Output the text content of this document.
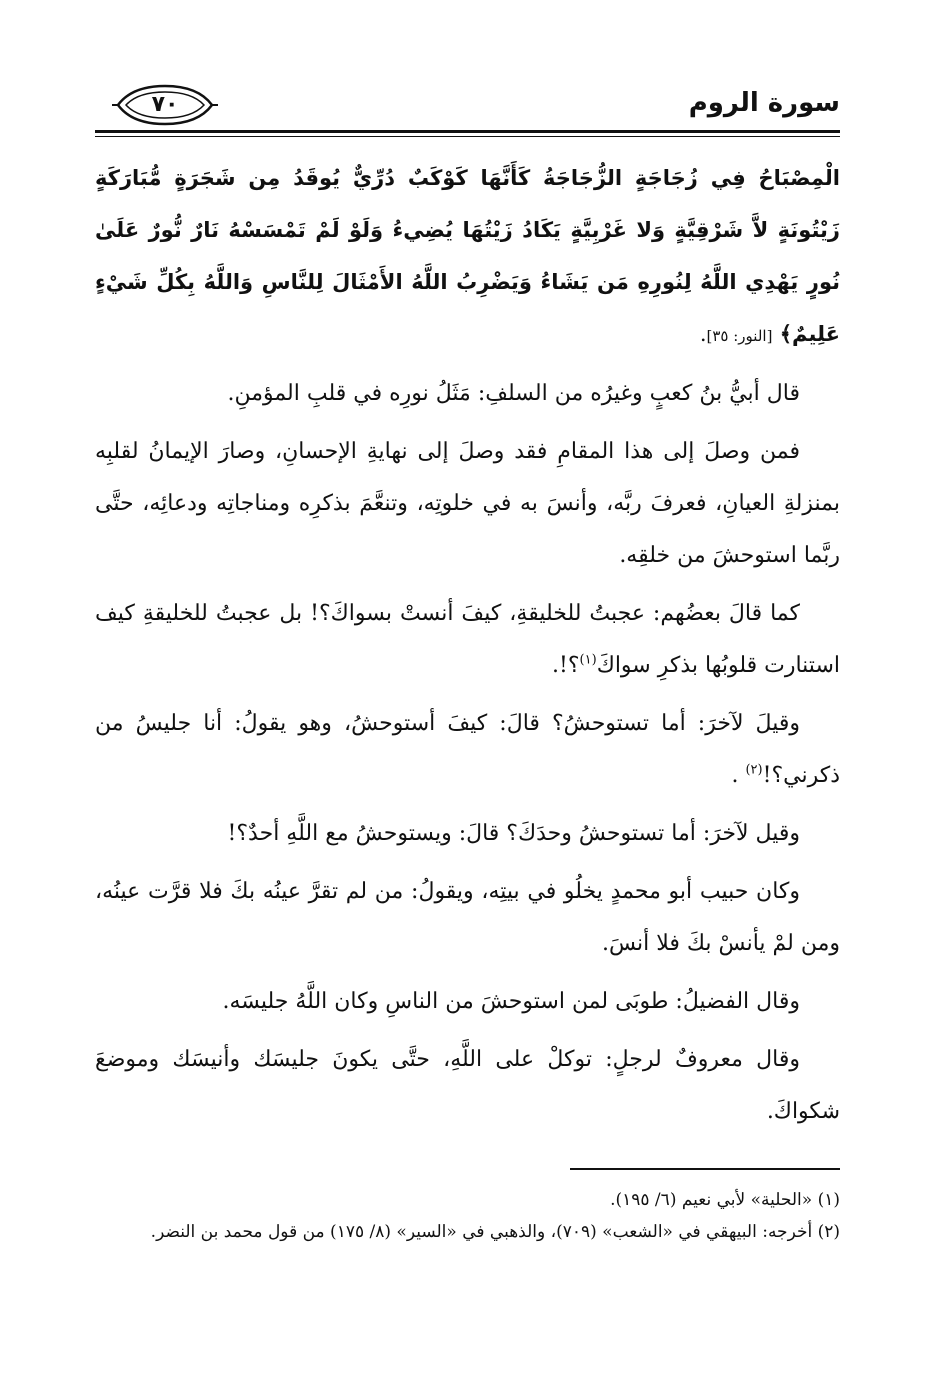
٧٠	سورة الروم

الْمِصْبَاحُ فِي زُجَاجَةٍ الزُّجَاجَةُ كَأَنَّهَا كَوْكَبٌ دُرِّيٌّ يُوقَدُ مِن شَجَرَةٍ مُّبَارَكَةٍ زَيْتُونَةٍ لاَّ شَرْقِيَّةٍ وَلا غَرْبِيَّةٍ يَكَادُ زَيْتُهَا يُضِيءُ وَلَوْ لَمْ تَمْسَسْهُ نَارٌ نُّورٌ عَلَىٰ نُورٍ يَهْدِي اللَّهُ لِنُورِهِ مَن يَشَاءُ وَيَضْرِبُ اللَّهُ الأَمْثَالَ لِلنَّاسِ وَاللَّهُ بِكُلِّ شَيْءٍ عَلِيمٌ﴾ [النور: ٣٥].

قال أبيُّ بنُ كعبٍ وغيرُه من السلفِ: مَثَلُ نورِه في قلبِ المؤمنِ.

فمن وصلَ إلى هذا المقامِ فقد وصلَ إلى نهايةِ الإحسانِ، وصارَ الإيمانُ لقلبِه بمنزلةِ العيانِ، فعرفَ ربَّه، وأنسَ به في خلوتِه، وتنعَّمَ بذكرِه ومناجاتِه ودعائِه، حتَّى ربَّما استوحشَ من خلقِه.

كما قالَ بعضُهم: عجبتُ للخليقةِ، كيفَ أنستْ بسواكَ؟! بل عجبتُ للخليقةِ كيف استنارت قلوبُها بذكرِ سواكَ$^{(١)}$؟!.

وقيلَ لآخرَ: أما تستوحشُ؟ قالَ: كيفَ أستوحشُ، وهو يقولُ: أنا جليسُ من ذكرني؟!$^{(٢)}$ .

وقيل لآخرَ: أما تستوحشُ وحدَكَ؟ قالَ: ويستوحشُ مع اللَّهِ أحدٌ؟!

وكان حبيب أبو محمدٍ يخلُو في بيتِه، ويقولُ: من لم تقرَّ عينُه بكَ فلا قرَّت عينُه، ومن لمْ يأنسْ بكَ فلا أنسَ.

وقال الفضيلُ: طوبَى لمن استوحشَ من الناسِ وكان اللَّهُ جليسَه.

وقال معروفٌ لرجلٍ: توكلْ على اللَّهِ، حتَّى يكونَ جليسَك وأنيسَك وموضعَ شكواكَ.

(١) «الحلية» لأبي نعيم (٦/ ١٩٥).

(٢) أخرجه: البيهقي في «الشعب» (٧٠٩)، والذهبي في «السير» (٨/ ١٧٥) من قول محمد بن النضر.
